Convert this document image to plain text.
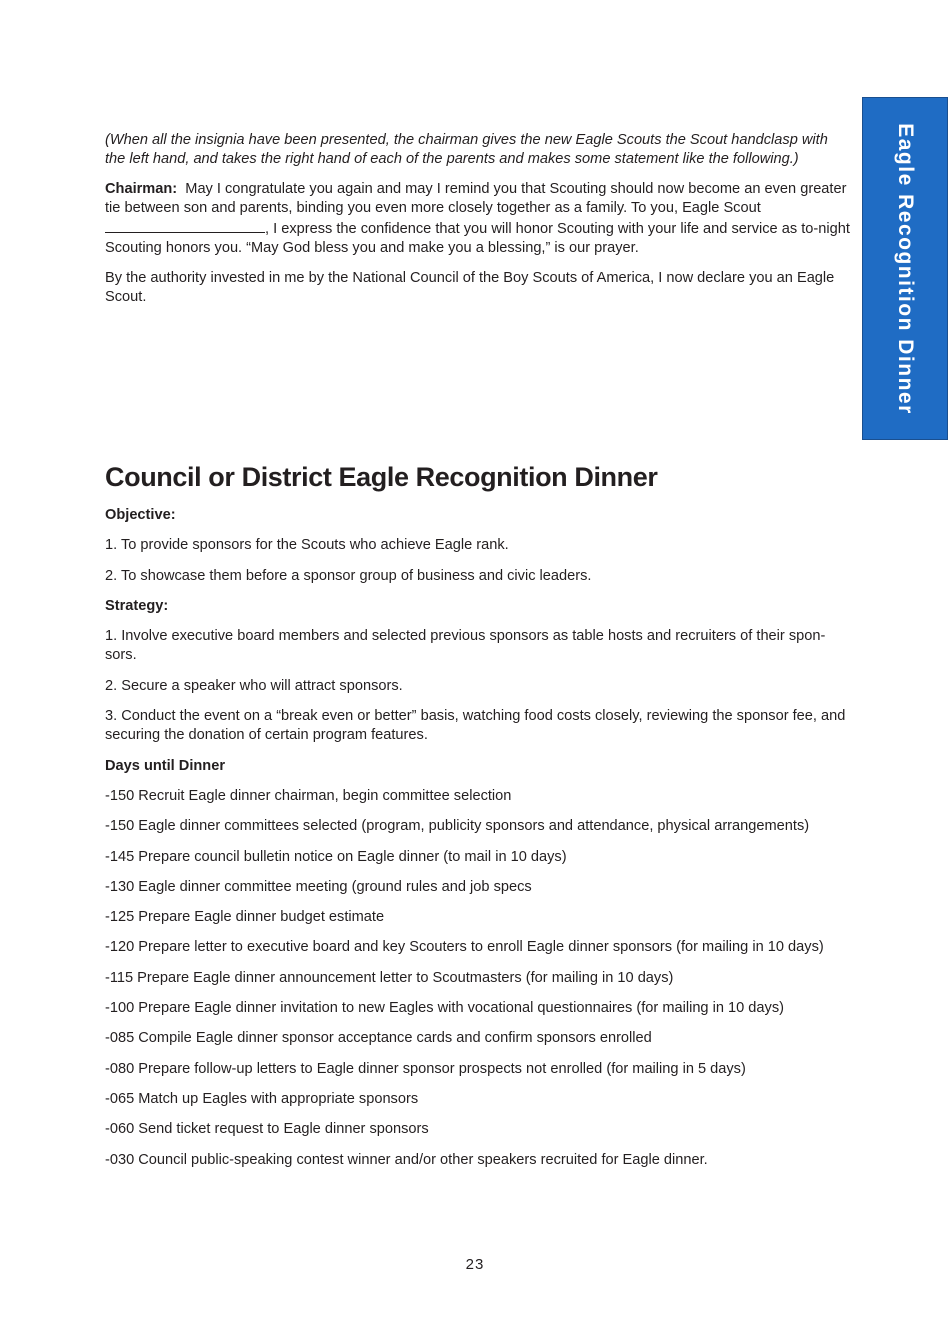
Eagle Recognition Dinner

(When all the insignia have been presented, the chairman gives the new Eagle Scouts the Scout handclasp with the left hand, and takes the right hand of each of the parents and makes some statement like the following.)

Chairman: May I congratulate you again and may I remind you that Scouting should now become an even greater tie between son and parents, binding you even more closely together as a family. To you, Eagle Scout , I express the confidence that you will honor Scouting with your life and service as to-night Scouting honors you. “May God bless you and make you a blessing,” is our prayer.

By the authority invested in me by the National Council of the Boy Scouts of America, I now declare you an Eagle Scout.

Council or District Eagle Recognition Dinner

Objective:

1. To provide sponsors for the Scouts who achieve Eagle rank.

2. To showcase them before a sponsor group of business and civic leaders.

Strategy:

1. Involve executive board members and selected previous sponsors as table hosts and recruiters of their spon-sors.

2. Secure a speaker who will attract sponsors.

3. Conduct the event on a “break even or better” basis, watching food costs closely, reviewing the sponsor fee, and securing the donation of certain program features.

Days until Dinner

-150 Recruit Eagle dinner chairman, begin committee selection

-150 Eagle dinner committees selected (program, publicity sponsors and attendance, physical arrangements)

-145 Prepare council bulletin notice on Eagle dinner (to mail in 10 days)

-130 Eagle dinner committee meeting (ground rules and job specs

-125 Prepare Eagle dinner budget estimate

-120 Prepare letter to executive board and key Scouters to enroll Eagle dinner sponsors (for mailing in 10 days)

-115 Prepare Eagle dinner announcement letter to Scoutmasters (for mailing in 10 days)

-100 Prepare Eagle dinner invitation to new Eagles with vocational questionnaires (for mailing in 10 days)

-085 Compile Eagle dinner sponsor acceptance cards and confirm sponsors enrolled

-080 Prepare follow-up letters to Eagle dinner sponsor prospects not enrolled (for mailing in 5 days)

-065 Match up Eagles with appropriate sponsors

-060 Send ticket request to Eagle dinner sponsors

-030 Council public-speaking contest winner and/or other speakers recruited for Eagle dinner.

23
